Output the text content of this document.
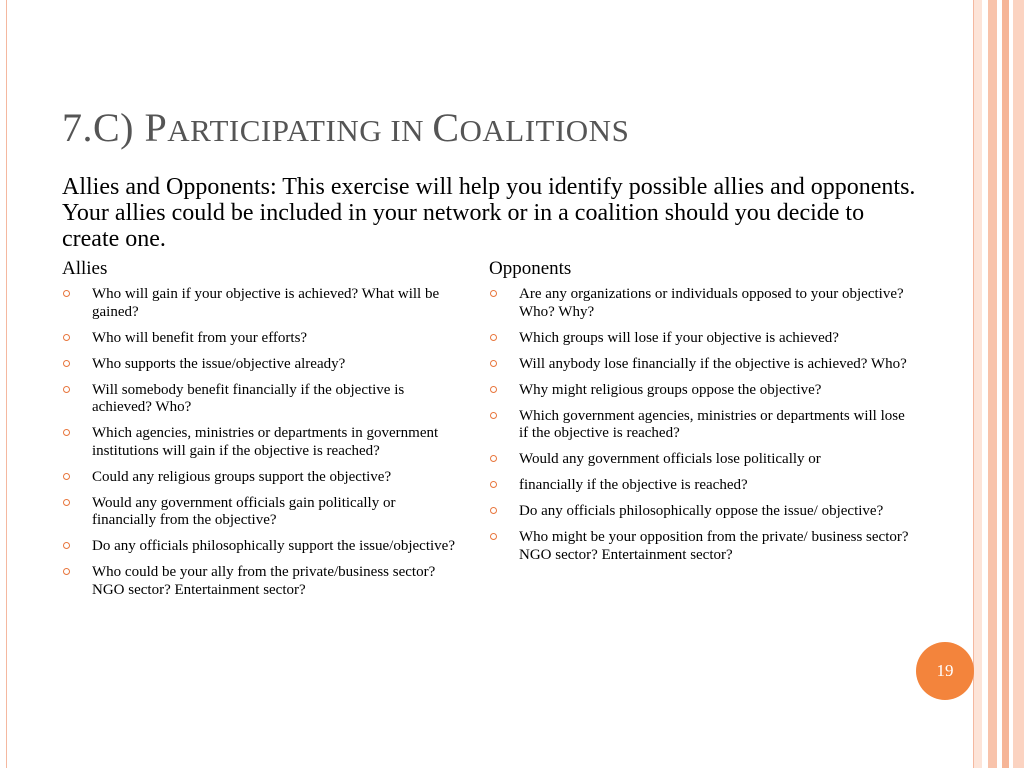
7.C) PARTICIPATING IN COALITIONS

Allies and Opponents: This exercise will help you identify possible allies and opponents. Your allies could be included in your network or in a coalition should you decide to create one.

Allies

Who will gain if your objective is achieved? What will be gained?
Who will benefit from your efforts?
Who supports the issue/objective already?
Will somebody benefit financially if the objective is achieved? Who?
Which agencies, ministries or departments in government institutions will gain if the objective is reached?
Could any religious groups support the objective?
Would any government officials gain politically or financially from the objective?
Do any officials philosophically support the issue/objective?
Who could be your ally from the private/business sector? NGO sector? Entertainment sector?

Opponents

Are any organizations or individuals opposed to your objective? Who? Why?
Which groups will lose if your objective is achieved?
Will anybody lose financially if the objective is achieved? Who?
Why might religious groups oppose the objective?
Which government agencies, ministries or departments will lose if the objective is reached?
Would any government officials lose politically or
financially if the objective is reached?
Do any officials philosophically oppose the issue/ objective?
Who might be your opposition from the private/ business sector? NGO sector? Entertainment sector?
19
